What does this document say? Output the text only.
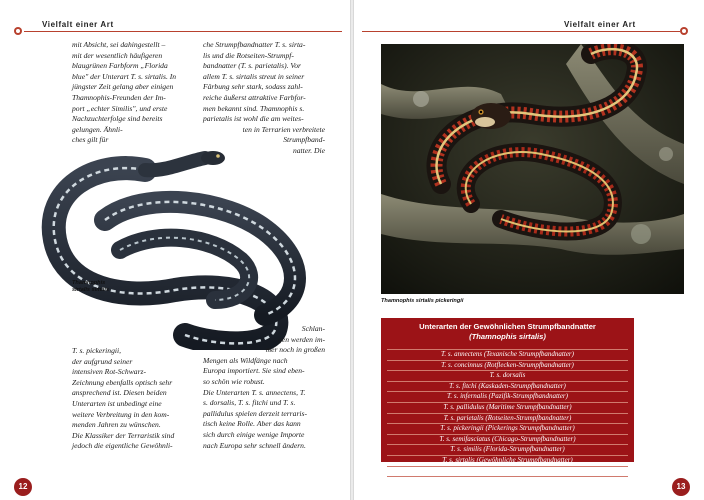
Vielfalt einer Art

mit Absicht, sei dahingestellt –

mit der wesentlich häufigeren

blaugrünen Farbform „Florida

blue" der Unterart T. s. sirtalis. In

jüngster Zeit gelang aber einigen

Thamnophis-Freunden der Im-

port „echter Similis", und erste

Nachzuchterfolge sind bereits

gelungen. Ähnli-

ches gilt für

che Strumpfbandnatter T. s. sirta-

lis und die Rotseiten-Strumpf-

bandnatter (T. s. parietalis). Vor

allem T. s. sirtalis streut in seiner

Färbung sehr stark, sodass zahl-

reiche äußerst attraktive Farbfor-

men bekannt sind. Thamnophis s.

parietalis ist wohl die am weites-

ten in Terrarien verbreitete

Strumpfband-

natter. Die

Thamnophis
sirtalis similis

T. s. pickeringii,

der aufgrund seiner

intensiven Rot-Schwarz-

Zeichnung ebenfalls optisch sehr

ansprechend ist. Diesen beiden

Unterarten ist unbedingt eine

weitere Verbreitung in den kom-

menden Jahren zu wünschen.

Die Klassiker der Terraristik sind

jedoch die eigentliche Gewöhnli-

Schlan-

gen werden im-

mer noch in großen

Mengen als Wildfänge nach

Europa importiert. Sie sind eben-

so schön wie robust.

Die Unterarten T. s. annectens, T.

s. dorsalis, T. s. fitchi und T. s.

pallidulus spielen derzeit terraris-

tisch keine Rolle. Aber das kann

sich durch einige wenige Importe

nach Europa sehr schnell ändern.

12
Vielfalt einer Art
Thamnophis sirtalis pickeringii
Unterarten der Gewöhnlichen Strumpfbandnatter
(Thamnophis sirtalis)
T. s. annectens (Texanische Strumpfbandnatter)
T. s. concinnus (Rotflecken-Strumpfbandnatter)
T. s. dorsalis
T. s. fitchi (Kaskaden-Strumpfbandnatter)
T. s. infernalis (Pazifik-Strumpfbandnatter)
T. s. pallidulus (Maritime Strumpfbandnatter)
T. s. parietalis (Rotseiten-Strumpfbandnatter)
T. s. pickeringii (Pickerings Strumpfbandnatter)
T. s. semifasciatus (Chicago-Strumpfbandnatter)
T. s. similis (Florida-Strumpfbandnatter)
T. s. sirtalis (Gewöhnliche Strumpfbandnatter)
T. s. tetrataenia (San-Francisco-Strumpfbandnatter)
13
